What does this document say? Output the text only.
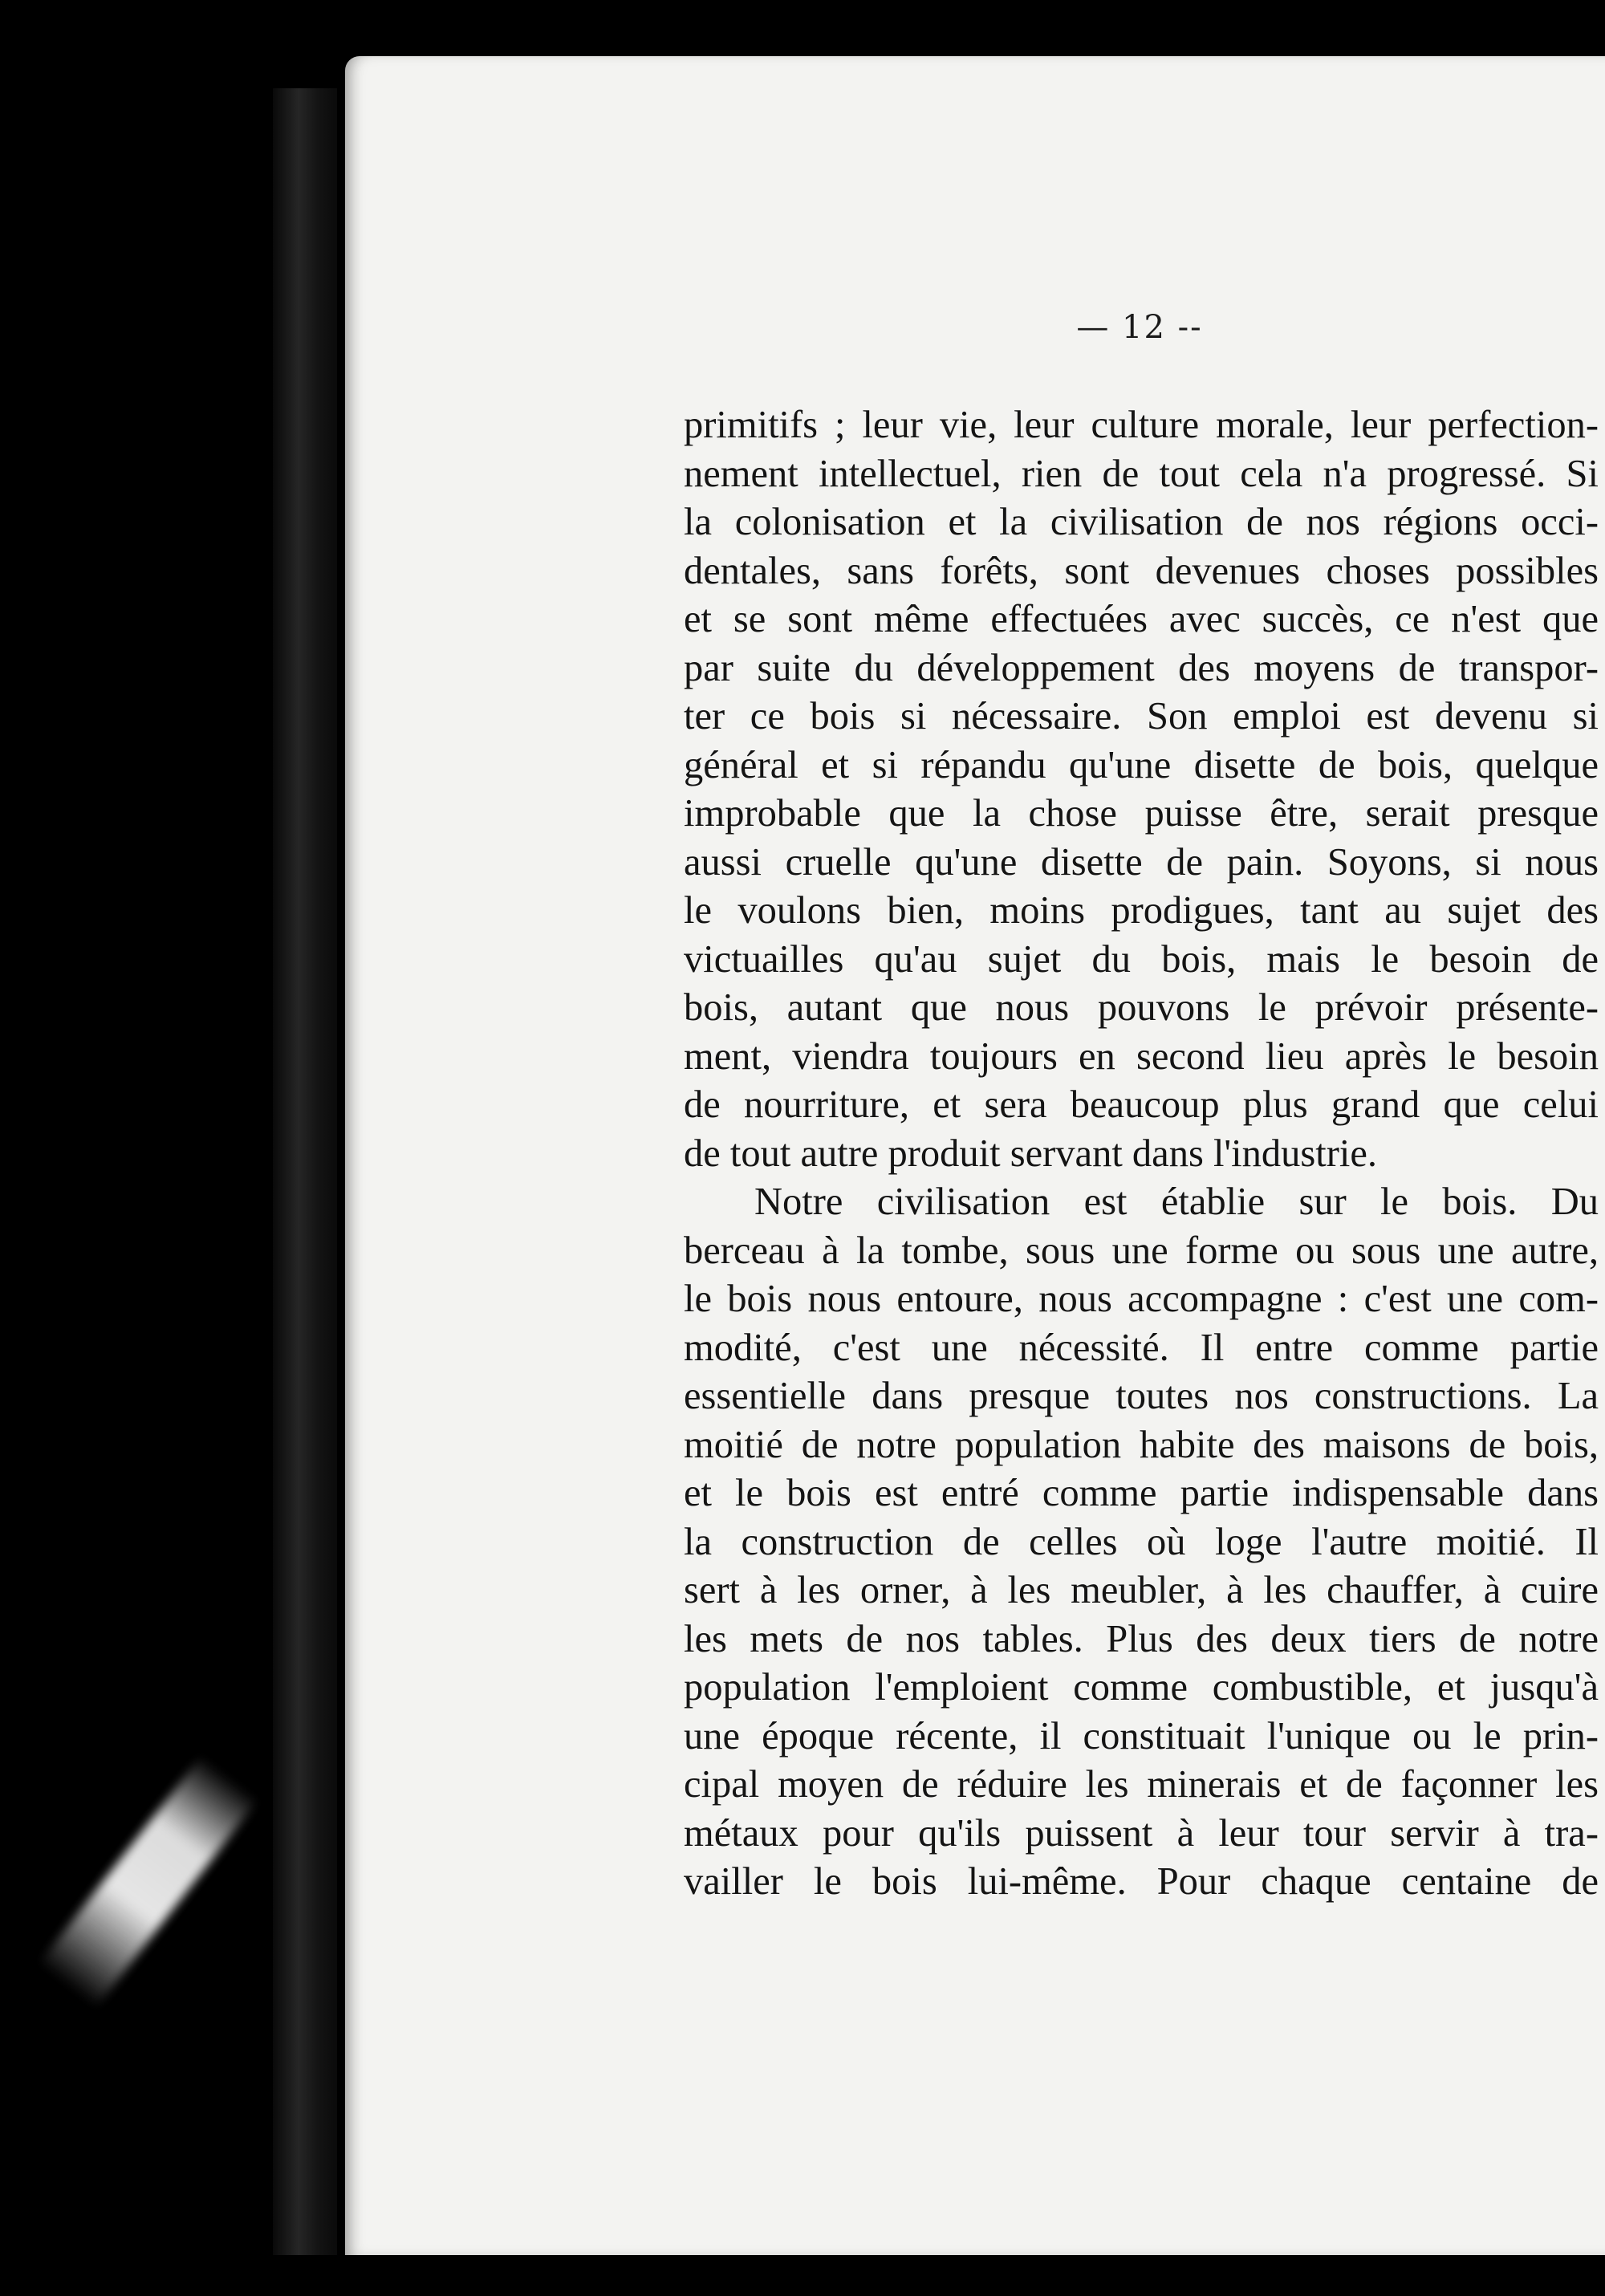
— 12 --
primitifs ; leur vie, leur culture morale, leur perfection-
nement intellectuel, rien de tout cela n'a progressé. Si
la colonisation et la civilisation de nos régions occi-
dentales, sans forêts, sont devenues choses possibles
et se sont même effectuées avec succès, ce n'est que
par suite du développement des moyens de transpor-
ter ce bois si nécessaire. Son emploi est devenu si
général et si répandu qu'une disette de bois, quelque
improbable que la chose puisse être, serait presque
aussi cruelle qu'une disette de pain. Soyons, si nous
le voulons bien, moins prodigues, tant au sujet des
victuailles qu'au sujet du bois, mais le besoin de
bois, autant que nous pouvons le prévoir présente-
ment, viendra toujours en second lieu après le besoin
de nourriture, et sera beaucoup plus grand que celui
de tout autre produit servant dans l'industrie.
Notre civilisation est établie sur le bois. Du
berceau à la tombe, sous une forme ou sous une autre,
le bois nous entoure, nous accompagne : c'est une com-
modité, c'est une nécessité. Il entre comme partie
essentielle dans presque toutes nos constructions. La
moitié de notre population habite des maisons de bois,
et le bois est entré comme partie indispensable dans
la construction de celles où loge l'autre moitié. Il
sert à les orner, à les meubler, à les chauffer, à cuire
les mets de nos tables. Plus des deux tiers de notre
population l'emploient comme combustible, et jusqu'à
une époque récente, il constituait l'unique ou le prin-
cipal moyen de réduire les minerais et de façonner les
métaux pour qu'ils puissent à leur tour servir à tra-
vailler le bois lui-même. Pour chaque centaine de
